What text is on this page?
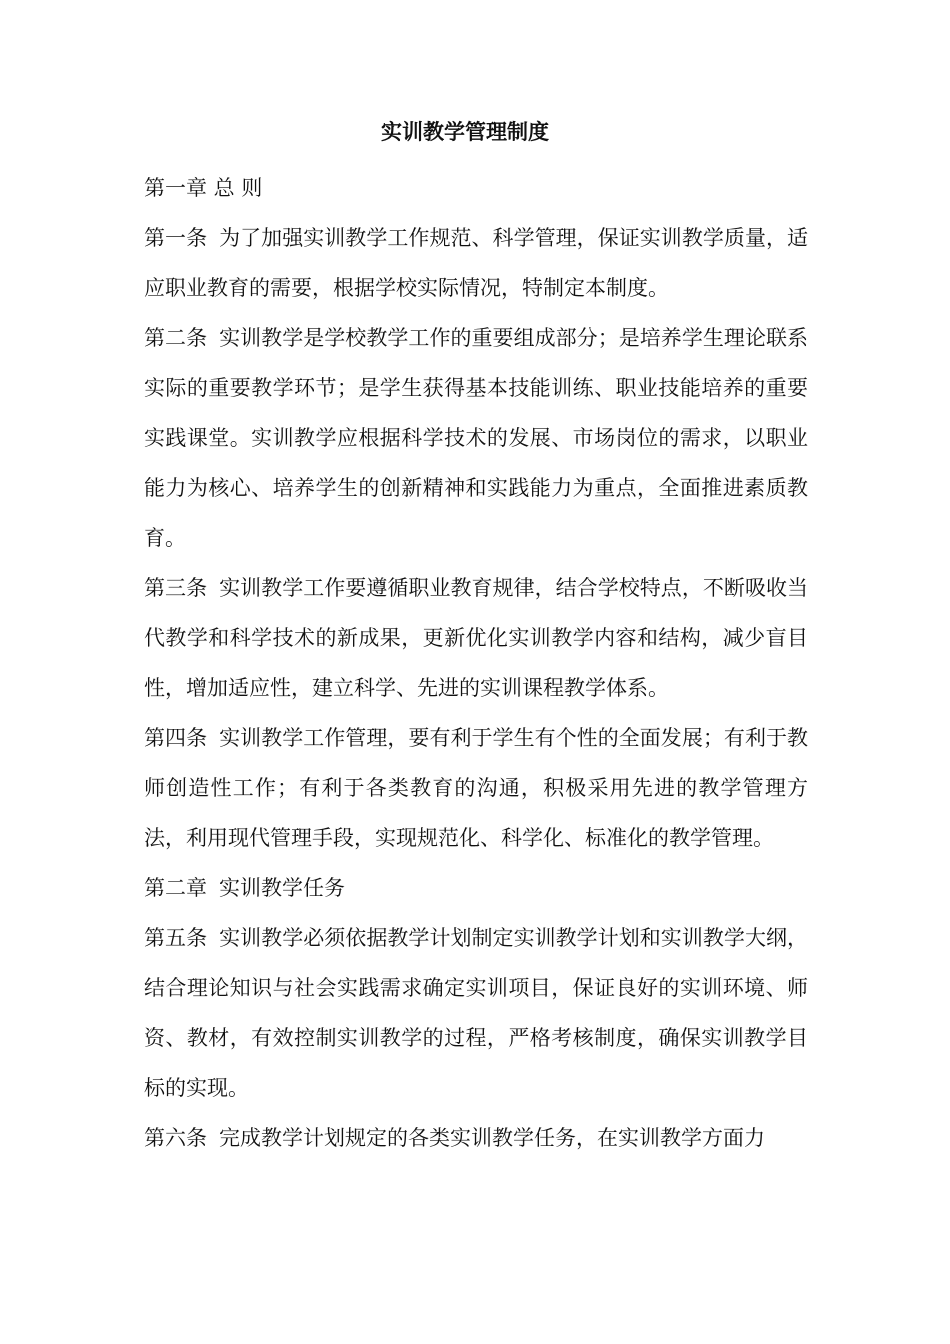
实训教学管理制度

第一章 总 则

第一条 为了加强实训教学工作规范、科学管理，保证实训教学质量，适应职业教育的需要，根据学校实际情况，特制定本制度。

第二条 实训教学是学校教学工作的重要组成部分；是培养学生理论联系实际的重要教学环节；是学生获得基本技能训练、职业技能培养的重要实践课堂。实训教学应根据科学技术的发展、市场岗位的需求，以职业能力为核心、培养学生的创新精神和实践能力为重点，全面推进素质教育。

第三条 实训教学工作要遵循职业教育规律，结合学校特点，不断吸收当代教学和科学技术的新成果，更新优化实训教学内容和结构，减少盲目性，增加适应性，建立科学、先进的实训课程教学体系。

第四条 实训教学工作管理，要有利于学生有个性的全面发展；有利于教师创造性工作；有利于各类教育的沟通，积极采用先进的教学管理方法，利用现代管理手段，实现规范化、科学化、标准化的教学管理。

第二章 实训教学任务

第五条 实训教学必须依据教学计划制定实训教学计划和实训教学大纲，结合理论知识与社会实践需求确定实训项目，保证良好的实训环境、师资、教材，有效控制实训教学的过程，严格考核制度，确保实训教学目标的实现。

第六条 完成教学计划规定的各类实训教学任务，在实训教学方面力
